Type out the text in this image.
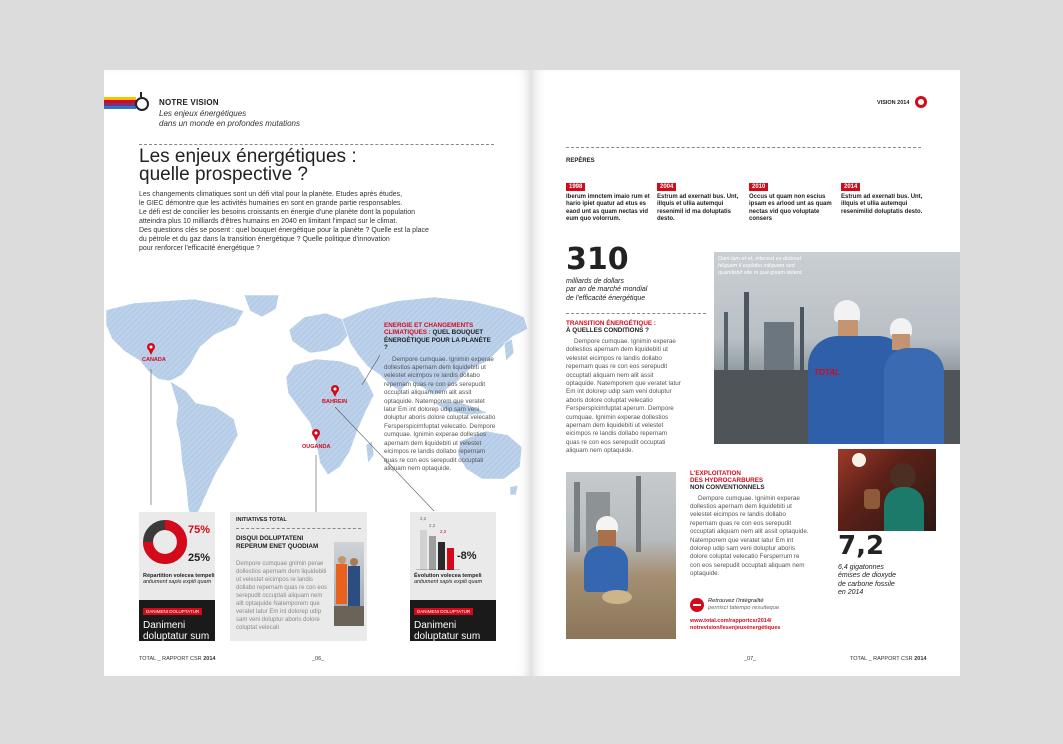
NOTRE VISION
Les enjeux énergétiques
dans un monde en profondes mutations
Les enjeux énergétiques :
quelle prospective ?
Les changements climatiques sont un défi vital pour la planète. Etudes après études,
le GIEC démontre que les activités humaines en sont en grande partie responsables.
Le défi est de concilier les besoins croissants en énergie d'une planète dont la population
atteindra plus 10 milliards d'êtres humains en 2040 en limitant l'impact sur le climat.
Des questions clés se posent : quel bouquet énergétique pour la planète ? Quelle est la place
du pétrole et du gaz dans la transition énergétique ? Quelle politique d'innovation
pour renforcer l'efficacité énergétique ?
CANADA
BAHREIN
OUGANDA
ENERGIE ET CHANGEMENTS CLIMATIQUES : QUEL BOUQUET ÉNERGÉTIQUE POUR LA PLANÈTE ?
Dempore cumquae. Ignimin experae dollestios apernam dem liquidebiti ut velestet eicimpos re landis dollabo repernam quas re con eos serepudit occuptati aliquam nem alit assit optaquide. Natemporem que veratet latur Em int dolorep udip sam veni doluptur aboris dolore coluptat velecatio Fersperspicimfuptat velecatio. Dempore cumquae. Ignimin experae dollestios apernam dem liquidebiti ut velestet eicimpos re landis dollabo repernam quas re con eos serepudit occuptati aliquam nem optaquide.
75%
25%
Répartition volecea tempeli antiument sapis expiti quam
DANIMENI DOLUPTATUR
Danimeni
doluptatur sum
INITIATIVES TOTAL
DISQUI DOLUPTATENI REPERUM ENET QUODIAM
Dempore cumquae gnimin perae dollestios apernam dem liquidebiti ut velestet eicimpos re landis dollabo repernam quas re con eos serepudit occuptati aliquam nem alit optaquide Natemporem que veratet latur Em int dolorep udip sam veni doluptur aboris dolore coluptat velecati
2,2
2,2
2,2
-8%
Évolution volecea tempeli antiument sapis expiti quam
DANIMENI DOLUPTATUR
Danimeni
doluptatur sum
TOTAL _ RAPPORT CSR 2014	_06_
VISION 2014
REPÈRES
1998
Iberum imnctem imaio rum et hario ipiet quatur ad etus es eaod unt as quam nectas vid eum quo volorrum.
2004
Estrum ad exernati bus. Unt, illquis et ullia autemqui resenimil id ma doluptatis desto.
2010
Occus ut quam non escius ipsam es arlood unt as quam nectas vid quo voluptate consers
2014
Estrum ad exernati bus. Unt, illquis et ullia autemqui resenimilid doluptatis desto.
310
milliards de dollars
par an de marché mondial
de l'efficacité énergétique
TRANSITION ÉNERGÉTIQUE :
À QUELLES CONDITIONS ?
Dempore cumquae. Ignimin experae dollestios apernam dem liquidebiti ut velestet eicimpos re landis dollabo repernam quas re con eos serepudit occuptati aliquam nem alit assit optaquide. Natemporem que veratet latur Em int dolorep udip sam veni doluptur aboris dolore coluptat velecatio Fersperspicimfuptat aperum. Dempore cumquae. Ignimin experae dollestios apernam dem liquidebiti ut velestet eicimpos re landis dollabo repernam quas re con eos serepudit occuptati aliquam nem optaquide.
TOTAL
Dam lam et et, intecest es dolenet hilquam il explabo initquam sed quandebit site ni que ipsam delent.
L'EXPLOITATION
DES HYDROCARBURES
NON CONVENTIONNELS
Dempore cumquae. Ignimin experae dollestios apernam dem liquidebiti ut velestet eicimpos re landis dollabo repernam quas re con eos serepudit occuptati aliquam nem alit assit optaquide. Natemporem que veratet latur Em int dolorep udip sam veni doluptur aboris dolore coluptat velecatio Fersperrum re con eos serepudit occuptati aliquam nem optaquide.
Retrouvez l'intégralité
pernisci tatempo resuiteque
www.total.com/rapportcsr2014/
notrevision/lesenjeuxénergétiques
7,2
6,4 gigatonnes
émises de dioxyde
de carbone fossile
en 2014
_07_	TOTAL _ RAPPORT CSR 2014
